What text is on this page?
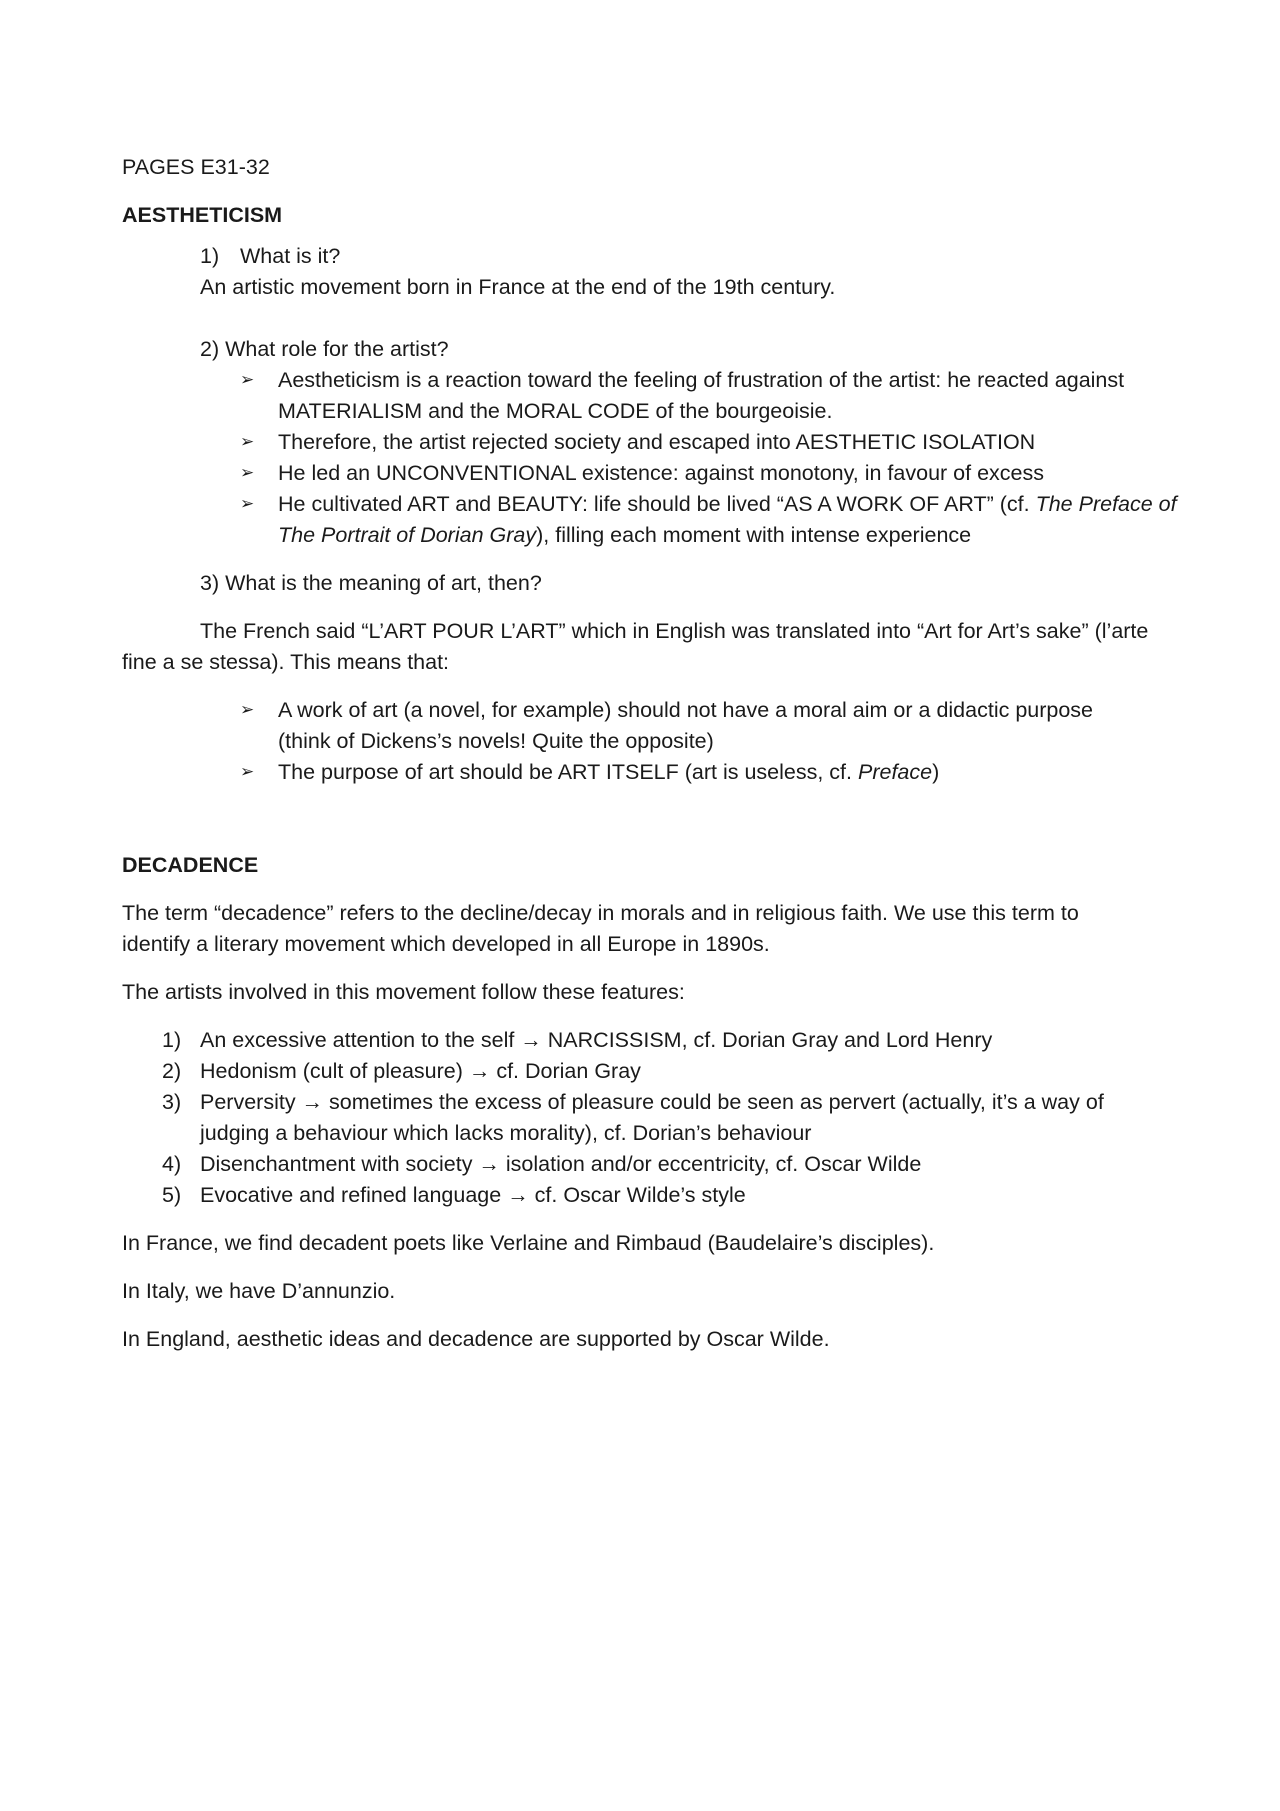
PAGES E31-32

AESTHETICISM

1) What is it?

An artistic movement born in France at the end of the 19th century.

2) What role for the artist?

➢ Aestheticism is a reaction toward the feeling of frustration of the artist: he reacted against
MATERIALISM and the MORAL CODE of the bourgeoisie.
➢ Therefore, the artist rejected society and escaped into AESTHETIC ISOLATION
➢ He led an UNCONVENTIONAL existence: against monotony, in favour of excess
➢ He cultivated ART and BEAUTY: life should be lived “AS A WORK OF ART” (cf. The Preface of
The Portrait of Dorian Gray), filling each moment with intense experience

3) What is the meaning of art, then?

The French said “L’ART POUR L’ART” which in English was translated into “Art for Art’s sake” (l’arte

fine a se stessa). This means that:

➢ A work of art (a novel, for example) should not have a moral aim or a didactic purpose
(think of Dickens’s novels! Quite the opposite)
➢ The purpose of art should be ART ITSELF (art is useless, cf. Preface)

DECADENCE

The term “decadence” refers to the decline/decay in morals and in religious faith. We use this term to

identify a literary movement which developed in all Europe in 1890s.

The artists involved in this movement follow these features:

1) An excessive attention to the self → NARCISSISM, cf. Dorian Gray and Lord Henry
2) Hedonism (cult of pleasure) → cf. Dorian Gray
3) Perversity → sometimes the excess of pleasure could be seen as pervert (actually, it’s a way of
judging a behaviour which lacks morality), cf. Dorian’s behaviour
4) Disenchantment with society → isolation and/or eccentricity, cf. Oscar Wilde
5) Evocative and refined language → cf. Oscar Wilde’s style

In France, we find decadent poets like Verlaine and Rimbaud (Baudelaire’s disciples).

In Italy, we have D’annunzio.

In England, aesthetic ideas and decadence are supported by Oscar Wilde.
